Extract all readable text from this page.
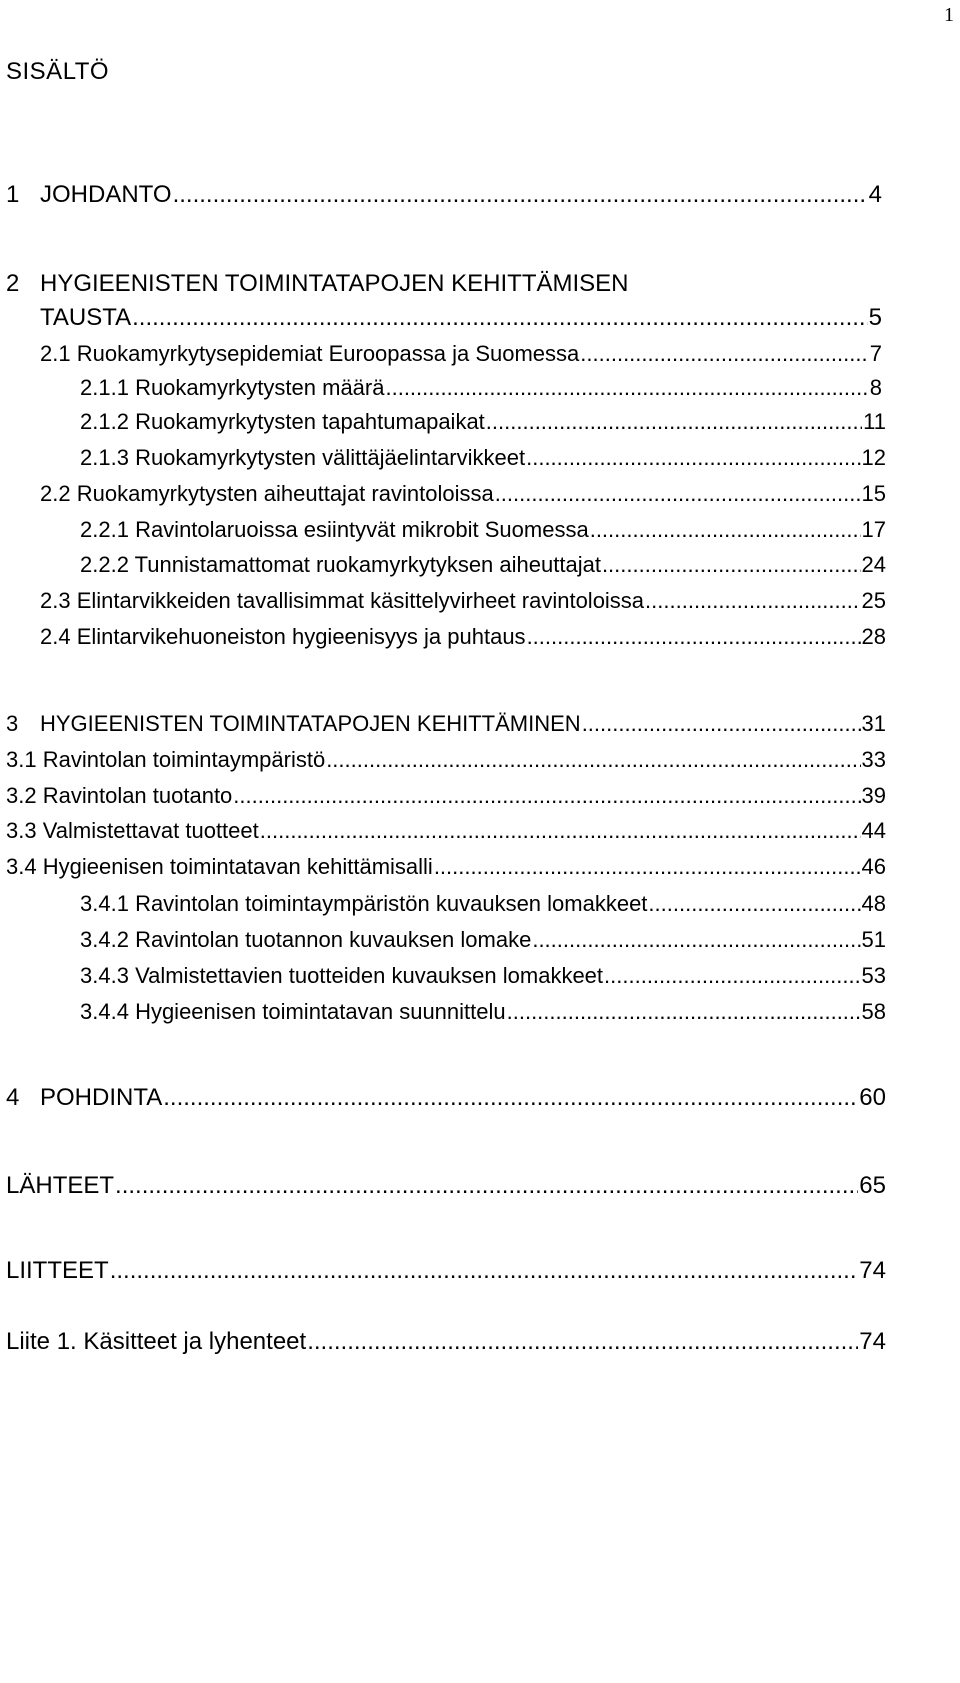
1
SISÄLTÖ
1 JOHDANTO .....	4
2 HYGIEENISTEN TOIMINTATAPOJEN KEHITTÄMISEN
TAUSTA .....	5
2.1 Ruokamyrkytysepidemiat Euroopassa ja Suomessa .....	7
2.1.1 Ruokamyrkytysten määrä .....	8
2.1.2 Ruokamyrkytysten tapahtumapaikat .....	11
2.1.3 Ruokamyrkytysten välittäjäelintarvikkeet .....	12
2.2 Ruokamyrkytysten aiheuttajat ravintoloissa .....	15
2.2.1 Ravintolaruoissa esiintyvät mikrobit Suomessa .....	17
2.2.2 Tunnistamattomat ruokamyrkytyksen aiheuttajat .....	24
2.3 Elintarvikkeiden tavallisimmat käsittelyvirheet ravintoloissa .....	25
2.4 Elintarvikehuoneiston hygieenisyys ja puhtaus .....	28
3 HYGIEENISTEN TOIMINTATAPOJEN KEHITTÄMINEN .....	31
3.1 Ravintolan toimintaympäristö .....	33
3.2 Ravintolan tuotanto .....	39
3.3 Valmistettavat tuotteet .....	44
3.4 Hygieenisen toimintatavan kehittämisalli .....	46
3.4.1 Ravintolan toimintaympäristön kuvauksen lomakkeet .....	48
3.4.2 Ravintolan tuotannon kuvauksen lomake .....	51
3.4.3 Valmistettavien tuotteiden kuvauksen lomakkeet .....	53
3.4.4 Hygieenisen toimintatavan suunnittelu .....	58
4 POHDINTA .....	60
LÄHTEET .....	65
LIITTEET .....	74
Liite 1. Käsitteet ja lyhenteet .....	74
